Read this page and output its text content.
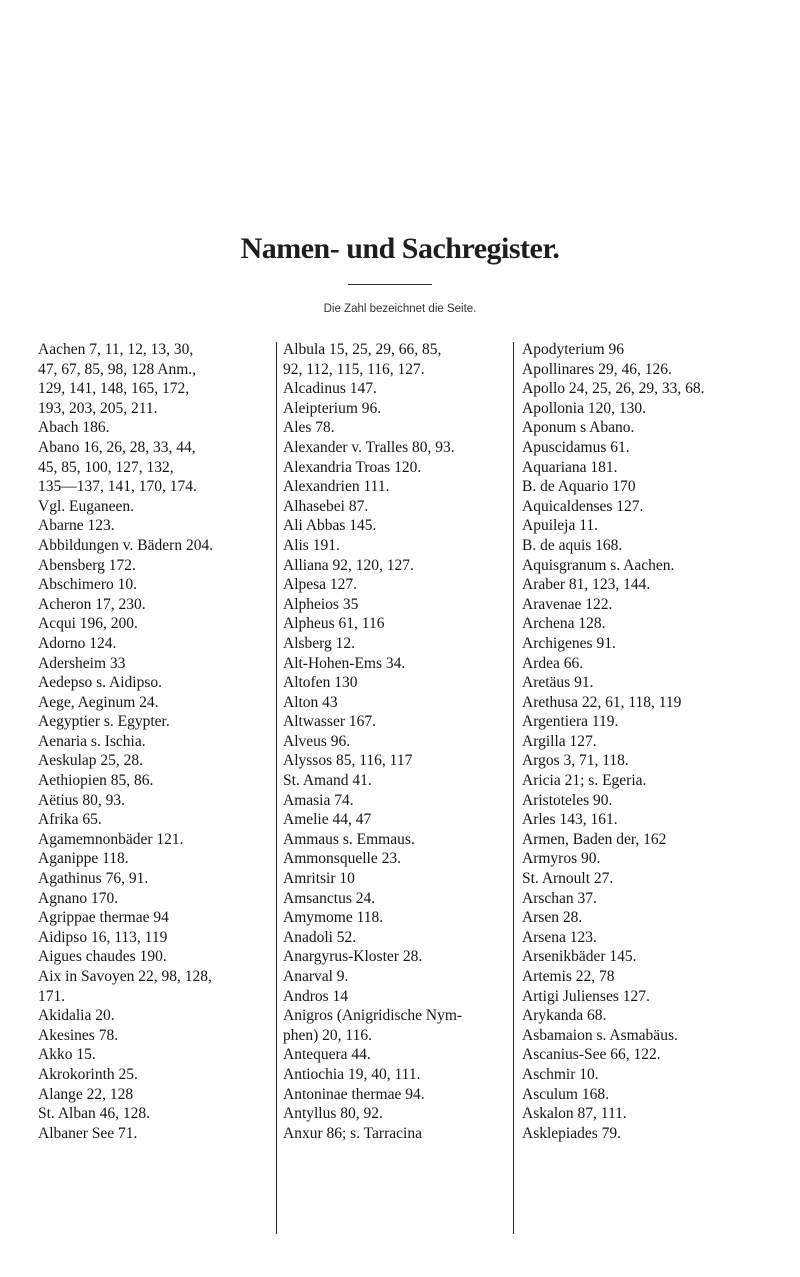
Namen- und Sachregister.
Die Zahl bezeichnet die Seite.
Aachen 7, 11, 12, 13, 30,
47, 67, 85, 98, 128 Anm.,
129, 141, 148, 165, 172,
193, 203, 205, 211.
Abach 186.
Abano 16, 26, 28, 33, 44,
45, 85, 100, 127, 132,
135—137, 141, 170, 174.
Vgl. Euganeen.
Abarne 123.
Abbildungen v. Bädern 204.
Abensberg 172.
Abschimero 10.
Acheron 17, 230.
Acqui 196, 200.
Adorno 124.
Adersheim 33
Aedepso s. Aidipso.
Aege, Aeginum 24.
Aegyptier s. Egypter.
Aenaria s. Ischia.
Aeskulap 25, 28.
Aethiopien 85, 86.
Aëtius 80, 93.
Afrika 65.
Agamemnonbäder 121.
Aganippe 118.
Agathinus 76, 91.
Agnano 170.
Agrippae thermae 94
Aidipso 16, 113, 119
Aigues chaudes 190.
Aix in Savoyen 22, 98, 128,
171.
Akidalia 20.
Akesines 78.
Akko 15.
Akrokorinth 25.
Alange 22, 128
St. Alban 46, 128.
Albaner See 71.
Albula 15, 25, 29, 66, 85,
92, 112, 115, 116, 127.
Alcadinus 147.
Aleipterium 96.
Ales 78.
Alexander v. Tralles 80, 93.
Alexandria Troas 120.
Alexandrien 111.
Alhasebei 87.
Ali Abbas 145.
Alis 191.
Alliana 92, 120, 127.
Alpesa 127.
Alpheios 35
Alpheus 61, 116
Alsberg 12.
Alt-Hohen-Ems 34.
Altofen 130
Alton 43
Altwasser 167.
Alveus 96.
Alyssos 85, 116, 117
St. Amand 41.
Amasia 74.
Amelie 44, 47
Ammaus s. Emmaus.
Ammonsquelle 23.
Amritsir 10
Amsanctus 24.
Amymome 118.
Anadoli 52.
Anargyrus-Kloster 28.
Anarval 9.
Andros 14
Anigros (Anigridische Nym-
phen) 20, 116.
Antequera 44.
Antiochia 19, 40, 111.
Antoninae thermae 94.
Antyllus 80, 92.
Anxur 86; s. Tarracina
Apodyterium 96
Apollinares 29, 46, 126.
Apollo 24, 25, 26, 29, 33, 68.
Apollonia 120, 130.
Aponum s Abano.
Apuscidamus 61.
Aquariana 181.
B. de Aquario 170
Aquicaldenses 127.
Apuileja 11.
B. de aquis 168.
Aquisgranum s. Aachen.
Araber 81, 123, 144.
Aravenae 122.
Archena 128.
Archigenes 91.
Ardea 66.
Aretäus 91.
Arethusa 22, 61, 118, 119
Argentiera 119.
Argilla 127.
Argos 3, 71, 118.
Aricia 21; s. Egeria.
Aristoteles 90.
Arles 143, 161.
Armen, Baden der, 162
Armyros 90.
St. Arnoult 27.
Arschan 37.
Arsen 28.
Arsena 123.
Arsenikbäder 145.
Artemis 22, 78
Artigi Julienses 127.
Arykanda 68.
Asbamaion s. Asmabäus.
Ascanius-See 66, 122.
Aschmir 10.
Asculum 168.
Askalon 87, 111.
Asklepiades 79.
